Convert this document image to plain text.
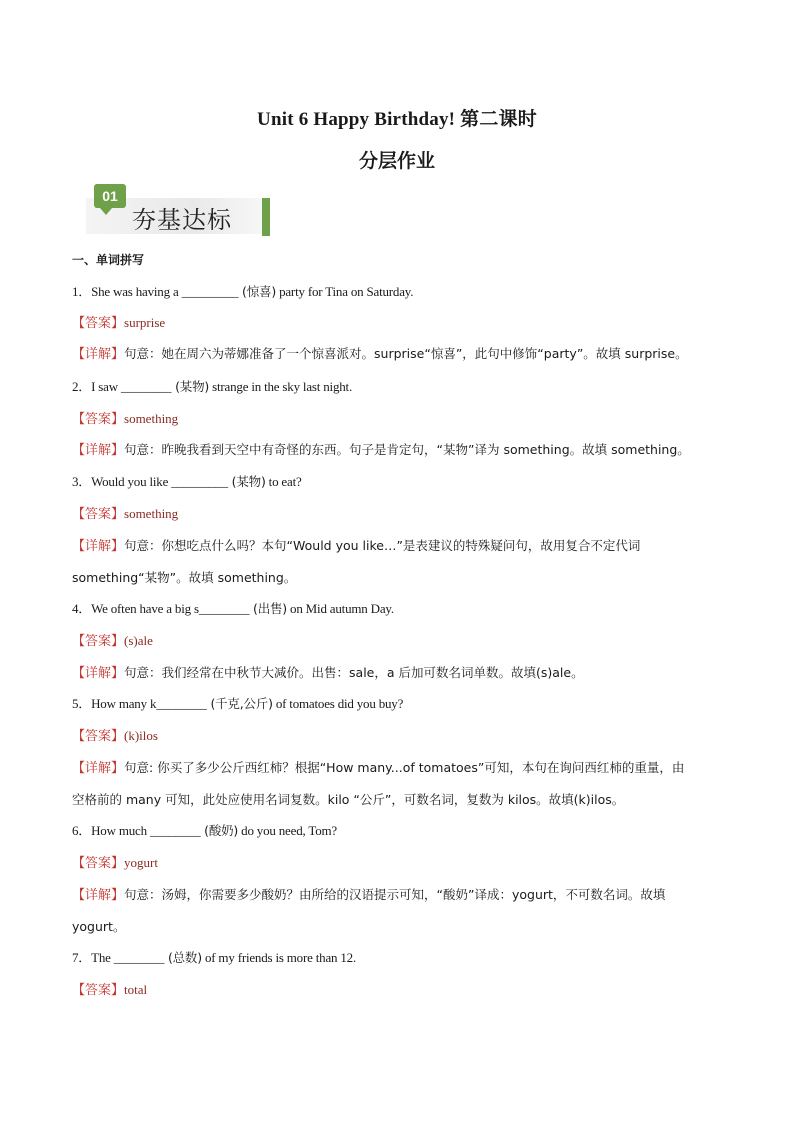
Unit 6 Happy Birthday! 第二课时
分层作业
01
夯基达标
一、单词拼写
1．She was having a _________ (惊喜) party for Tina on Saturday.
【答案】surprise
【详解】句意：她在周六为蒂娜准备了一个惊喜派对。surprise“惊喜”，此句中修饰“party”。故填 surprise。
2．I saw ________ (某物) strange in the sky last night.
【答案】something
【详解】句意：昨晚我看到天空中有奇怪的东西。句子是肯定句，“某物”译为 something。故填 something。
3．Would you like _________ (某物) to eat?
【答案】something
【详解】句意：你想吃点什么吗？本句“Would you like…”是表建议的特殊疑问句，故用复合不定代词
something“某物”。故填 something。
4．We often have a big s________ (出售) on Mid autumn Day.
【答案】(s)ale
【详解】句意：我们经常在中秋节大减价。出售：sale，a 后加可数名词单数。故填(s)ale。
5．How many k________ (千克,公斤) of tomatoes did you buy?
【答案】(k)ilos
【详解】句意: 你买了多少公斤西红柿？根据“How many...of tomatoes”可知，本句在询问西红柿的重量，由
空格前的 many 可知，此处应使用名词复数。kilo “公斤”，可数名词，复数为 kilos。故填(k)ilos。
6．How much ________ (酸奶) do you need, Tom?
【答案】yogurt
【详解】句意：汤姆，你需要多少酸奶？由所给的汉语提示可知，“酸奶”译成：yogurt，不可数名词。故填
yogurt。
7．The ________ (总数) of my friends is more than 12.
【答案】total
